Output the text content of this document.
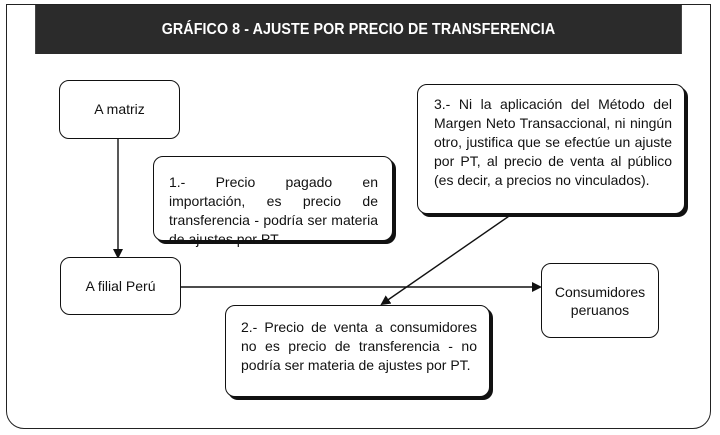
GRÁFICO 8 - AJUSTE POR PRECIO DE TRANSFERENCIA
A matriz
A filial Perú	Consumidores peruanos
1.- Precio pagado en importación, es precio de transferencia - podría ser materia de ajustes por PT.
2.- Precio de venta a consumidores no es precio de transferencia - no podría ser materia de ajustes por PT.
3.- Ni la aplicación del Método del Margen Neto Transaccional, ni ningún otro, justifica que se efectúe un ajuste por PT, al precio de venta al público (es decir, a precios no vinculados).
